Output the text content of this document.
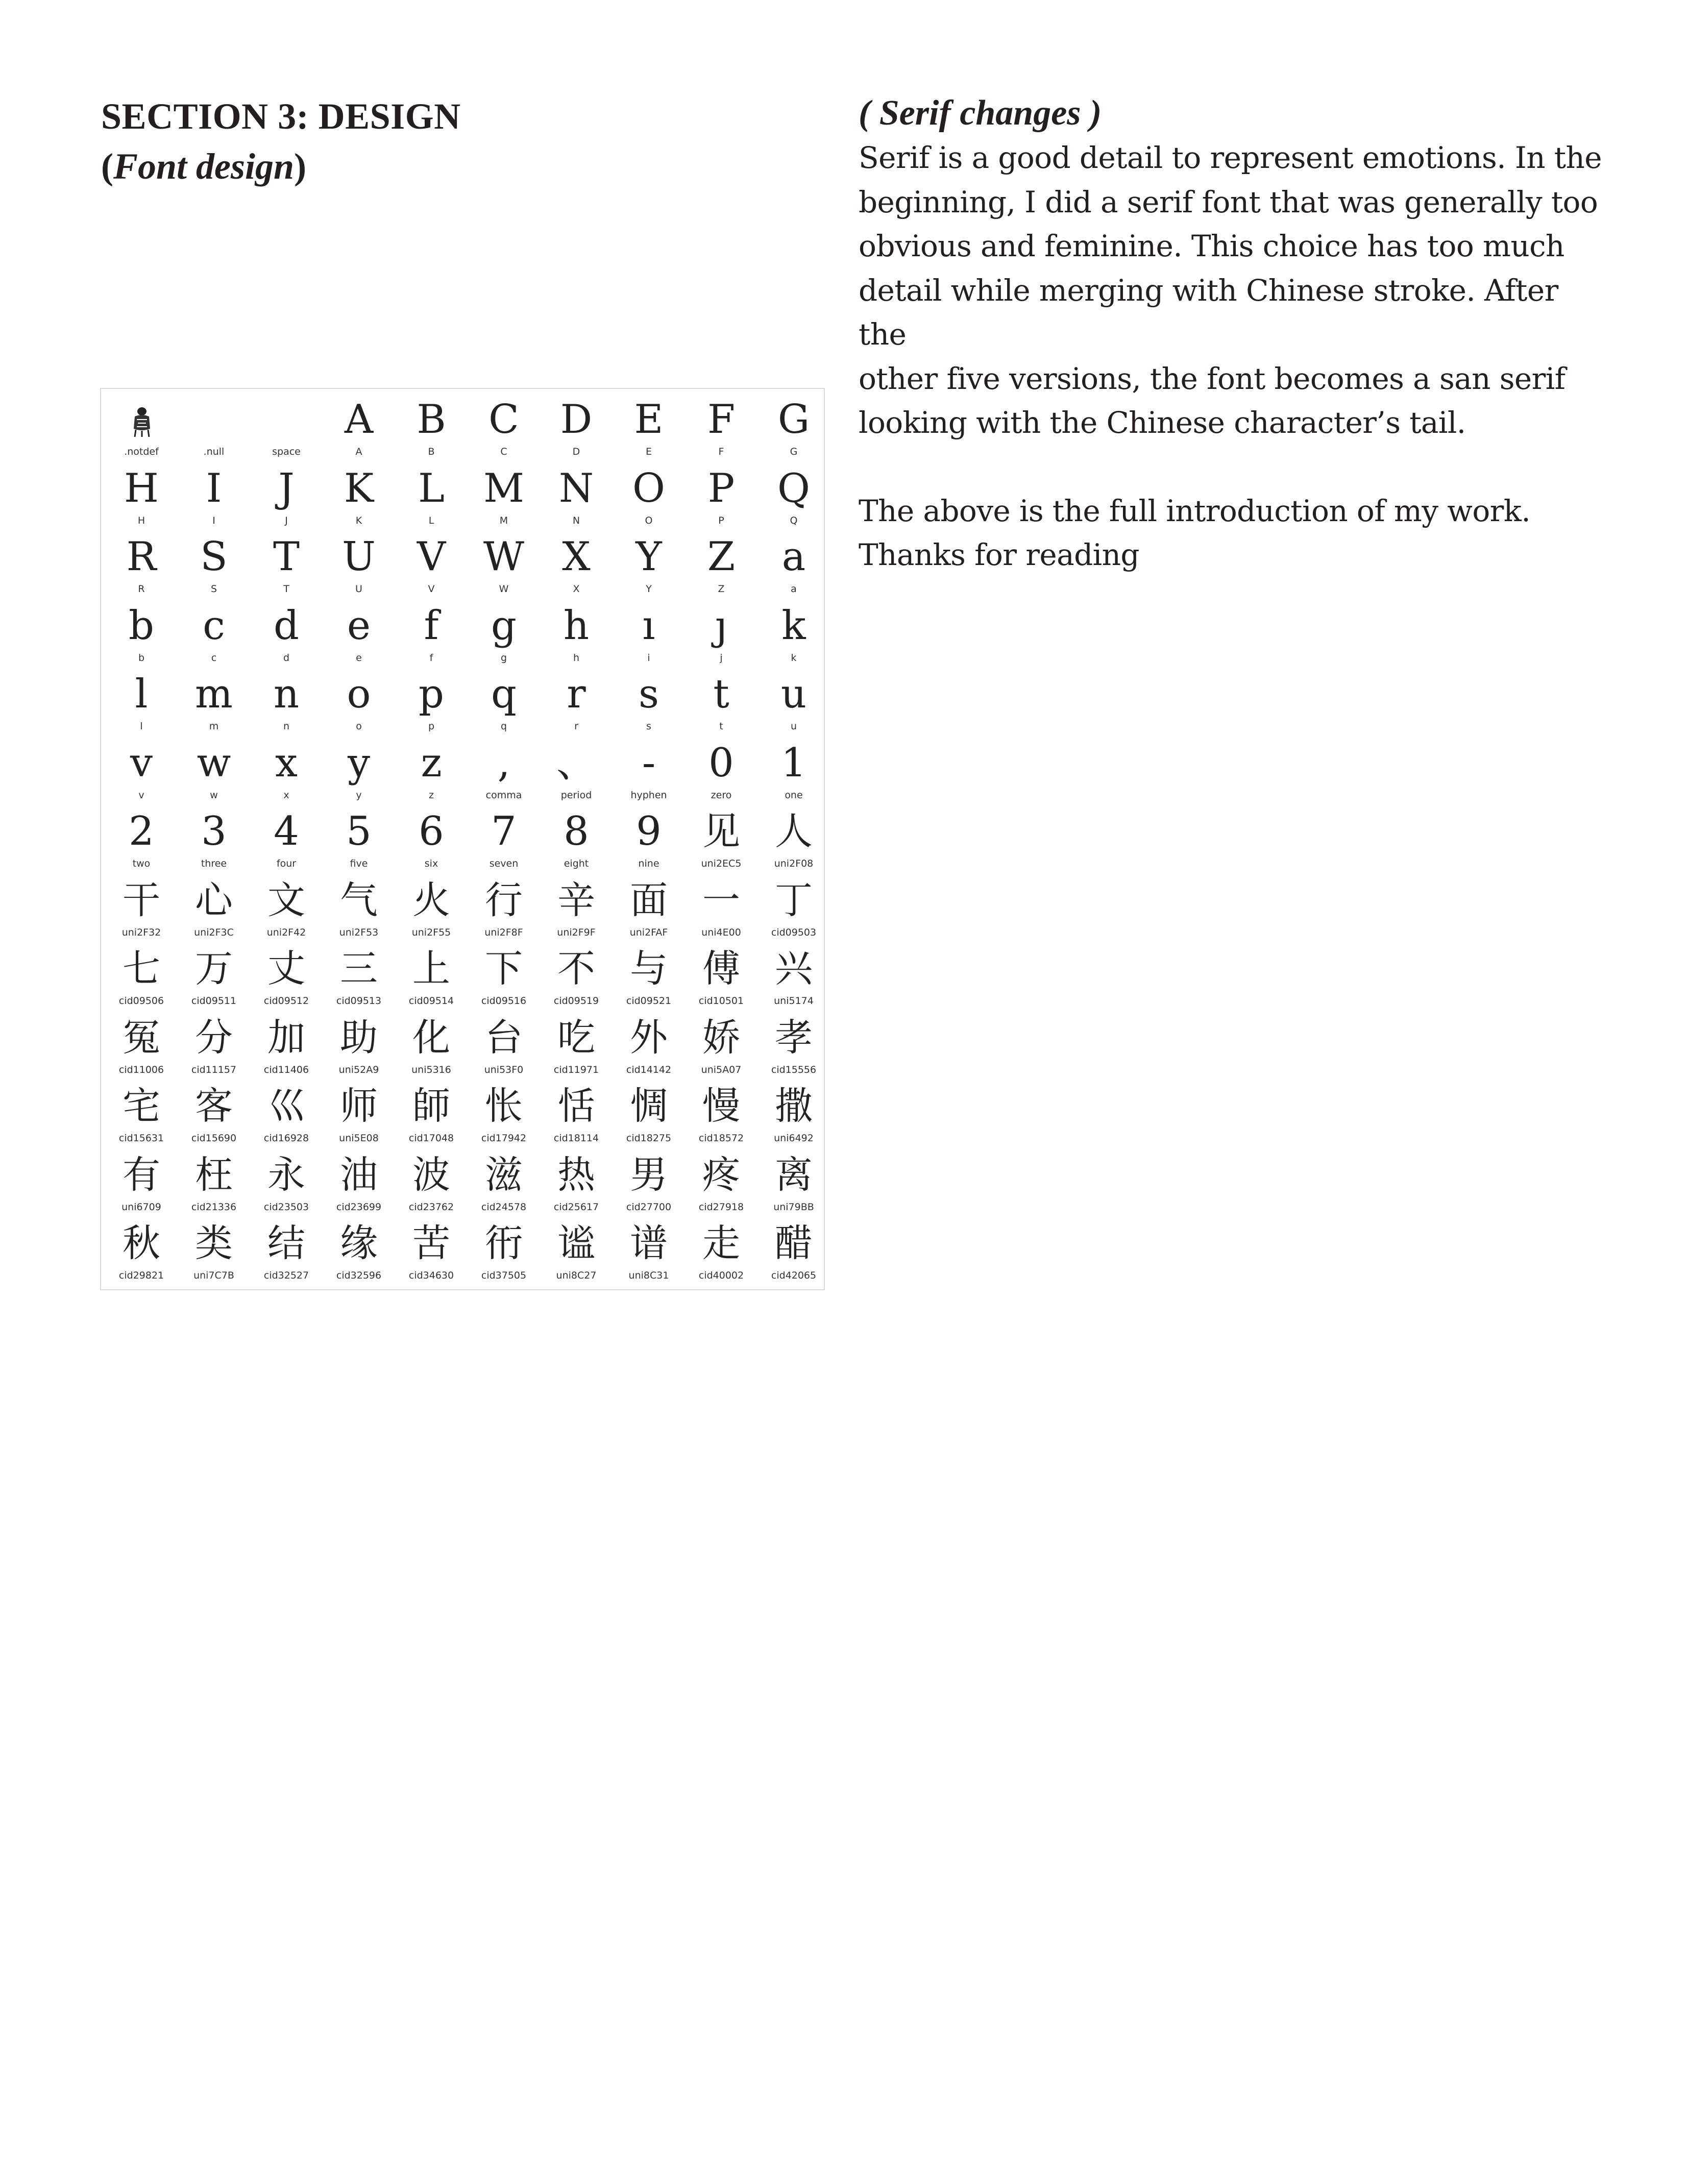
SECTION 3: DESIGN
(Font design)
( Serif changes )

Serif is a good detail to represent emotions. In the

beginning, I did a serif font that was generally too

obvious and feminine. This choice has too much

detail while merging with Chinese stroke. After the

other five versions, the font becomes a san serif

looking with the Chinese character’s tail.

The above is the full introduction of my work.

Thanks for reading

.notdef	.null	space
A
A
B
B
C
C
D
D
E
E
F
F
G
G
H
H
I
I
J
J
K
K
L
L
M
M
N
N
O
O
P
P
Q
Q
R
R
S
S
T
T
U
U
V
V
W
W
X
X
Y
Y
Z
Z
a
a
b
b
c
c
d
d
e
e
f
f
g
g
h
h
ı
i
ȷ
j
k
k
l
l
m
m
n
n
o
o
p
p
q
q
r
r
s
s
t
t
u
u
v
v
w
w
x
x
y
y
z
z
,
comma
、
period
-
hyphen
0
zero
1
one
2
two
3
three
4
four
5
five
6
six
7
seven
8
eight
9
nine
见
uni2EC5
人
uni2F08
干
uni2F32
心
uni2F3C
文
uni2F42
气
uni2F53
火
uni2F55
行
uni2F8F
辛
uni2F9F
面
uni2FAF
一
uni4E00
丁
cid09503
七
cid09506
万
cid09511
丈
cid09512
三
cid09513
上
cid09514
下
cid09516
不
cid09519
与
cid09521
傅
cid10501
兴
uni5174
冤
cid11006
分
cid11157
加
cid11406
助
uni52A9
化
uni5316
台
uni53F0
吃
cid11971
外
cid14142
娇
uni5A07
孝
cid15556
宅
cid15631
客
cid15690
巛
cid16928
师
uni5E08
師
cid17048
怅
cid17942
恬
cid18114
惆
cid18275
慢
cid18572
撒
uni6492
有
uni6709
枉
cid21336
永
cid23503
油
cid23699
波
cid23762
滋
cid24578
热
cid25617
男
cid27700
疼
cid27918
离
uni79BB
秋
cid29821
类
uni7C7B
结
cid32527
缘
cid32596
苦
cid34630
衎
cid37505
谧
uni8C27
谱
uni8C31
走
cid40002
醋
cid42065
